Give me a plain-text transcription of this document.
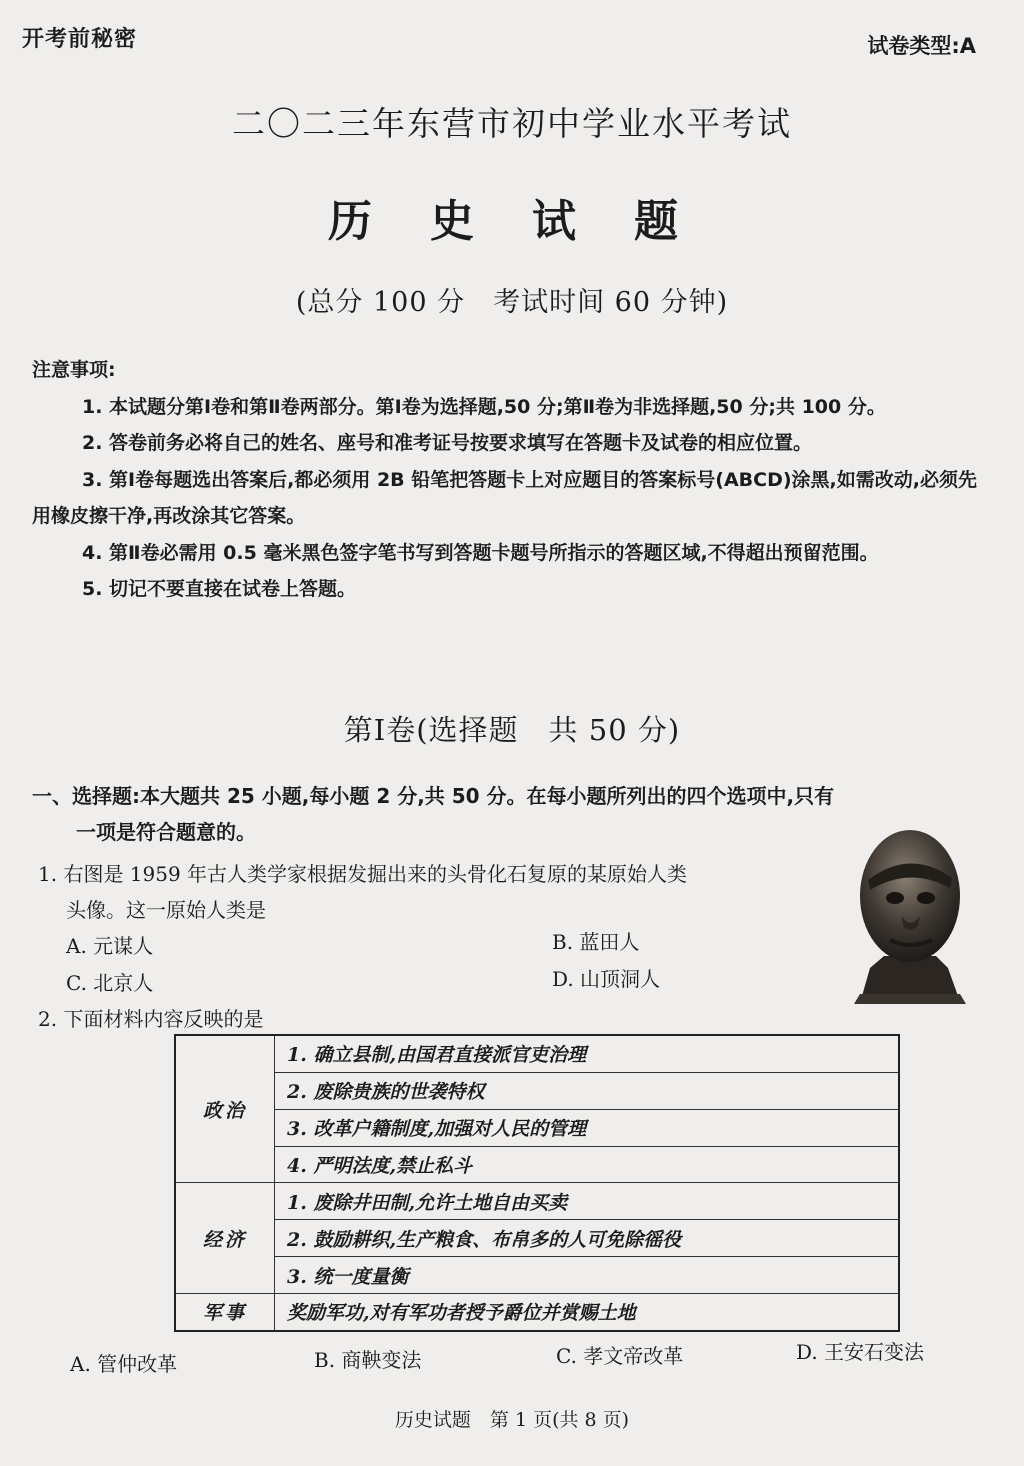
开考前秘密	试卷类型:A
二〇二三年东营市初中学业水平考试
历史试题
(总分 100 分　考试时间 60 分钟)
注意事项:

1. 本试题分第Ⅰ卷和第Ⅱ卷两部分。第Ⅰ卷为选择题,50 分;第Ⅱ卷为非选择题,50 分;共 100 分。

2. 答卷前务必将自己的姓名、座号和准考证号按要求填写在答题卡及试卷的相应位置。

3. 第Ⅰ卷每题选出答案后,都必须用 2B 铅笔把答题卡上对应题目的答案标号(ABCD)涂黑,如需改动,必须先用橡皮擦干净,再改涂其它答案。

4. 第Ⅱ卷必需用 0.5 毫米黑色签字笔书写到答题卡题号所指示的答题区域,不得超出预留范围。

5. 切记不要直接在试卷上答题。

第Ⅰ卷(选择题　共 50 分)
一、选择题:本大题共 25 小题,每小题 2 分,共 50 分。在每小题所列出的四个选项中,只有
一项是符合题意的。
1. 右图是 1959 年古人类学家根据发掘出来的头骨化石复原的某原始人类
头像。这一原始人类是
A. 元谋人	B. 蓝田人
C. 北京人	D. 山顶洞人
2. 下面材料内容反映的是
政治	1. 确立县制,由国君直接派官吏治理
	2. 废除贵族的世袭特权
	3. 改革户籍制度,加强对人民的管理
	4. 严明法度,禁止私斗
经济	1. 废除井田制,允许土地自由买卖
	2. 鼓励耕织,生产粮食、布帛多的人可免除徭役
	3. 统一度量衡
军事	奖励军功,对有军功者授予爵位并赏赐土地
A. 管仲改革	B. 商鞅变法	C. 孝文帝改革	D. 王安石变法
历史试题　第 1 页(共 8 页)
